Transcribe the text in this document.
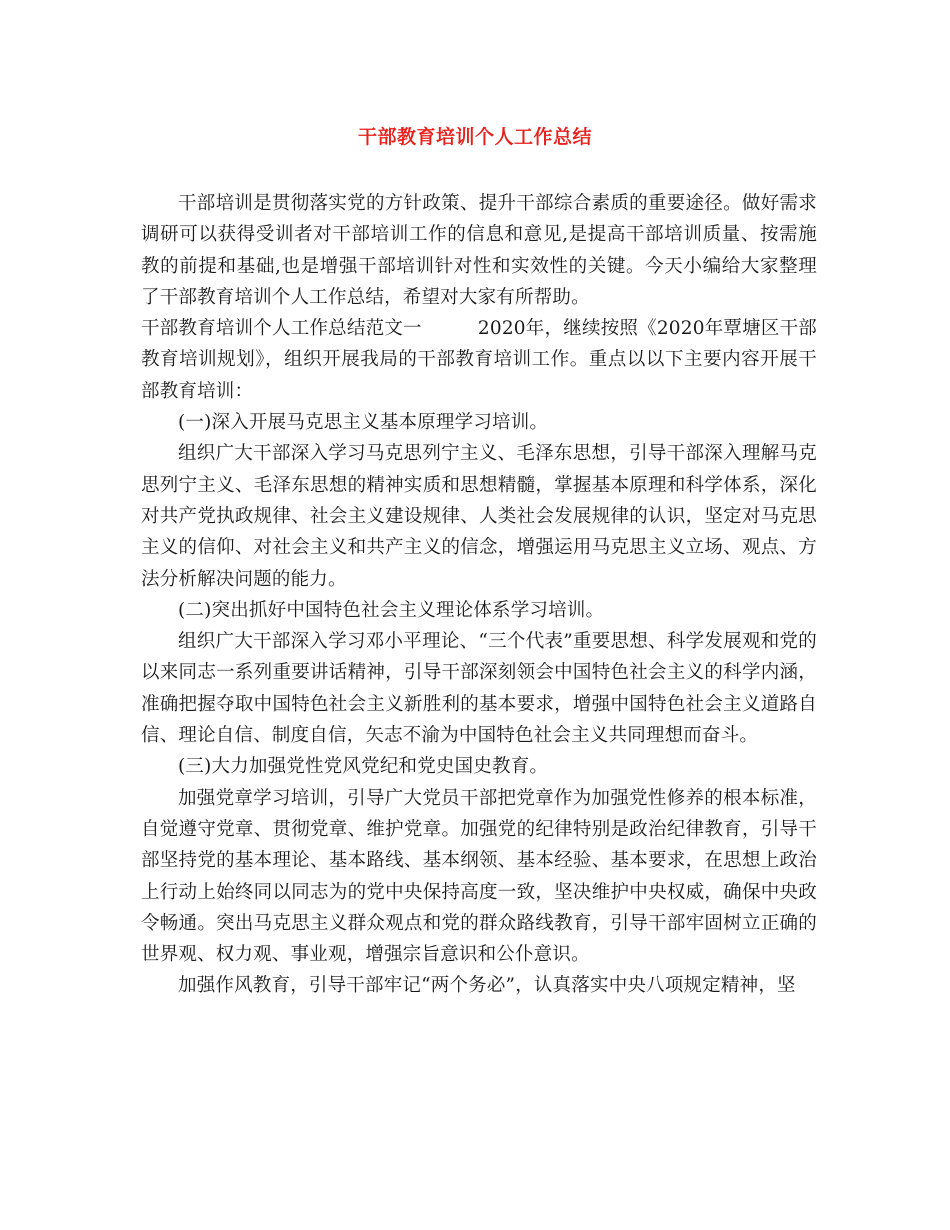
干部教育培训个人工作总结

干部培训是贯彻落实党的方针政策、提升干部综合素质的重要途径。做好需求调研可以获得受训者对干部培训工作的信息和意见,是提高干部培训质量、按需施教的前提和基础,也是增强干部培训针对性和实效性的关键。今天小编给大家整理了干部教育培训个人工作总结，希望对大家有所帮助。

干部教育培训个人工作总结范文一　　　2020年，继续按照《2020年覃塘区干部教育培训规划》，组织开展我局的干部教育培训工作。重点以以下主要内容开展干部教育培训：

(一)深入开展马克思主义基本原理学习培训。

组织广大干部深入学习马克思列宁主义、毛泽东思想，引导干部深入理解马克思列宁主义、毛泽东思想的精神实质和思想精髓，掌握基本原理和科学体系，深化对共产党执政规律、社会主义建设规律、人类社会发展规律的认识，坚定对马克思主义的信仰、对社会主义和共产主义的信念，增强运用马克思主义立场、观点、方法分析解决问题的能力。

(二)突出抓好中国特色社会主义理论体系学习培训。

组织广大干部深入学习邓小平理论、“三个代表”重要思想、科学发展观和党的以来同志一系列重要讲话精神，引导干部深刻领会中国特色社会主义的科学内涵，准确把握夺取中国特色社会主义新胜利的基本要求，增强中国特色社会主义道路自信、理论自信、制度自信，矢志不渝为中国特色社会主义共同理想而奋斗。

(三)大力加强党性党风党纪和党史国史教育。

加强党章学习培训，引导广大党员干部把党章作为加强党性修养的根本标准，自觉遵守党章、贯彻党章、维护党章。加强党的纪律特别是政治纪律教育，引导干部坚持党的基本理论、基本路线、基本纲领、基本经验、基本要求，在思想上政治上行动上始终同以同志为的党中央保持高度一致，坚决维护中央权威，确保中央政令畅通。突出马克思主义群众观点和党的群众路线教育，引导干部牢固树立正确的世界观、权力观、事业观，增强宗旨意识和公仆意识。

加强作风教育，引导干部牢记“两个务必”，认真落实中央八项规定精神，坚
